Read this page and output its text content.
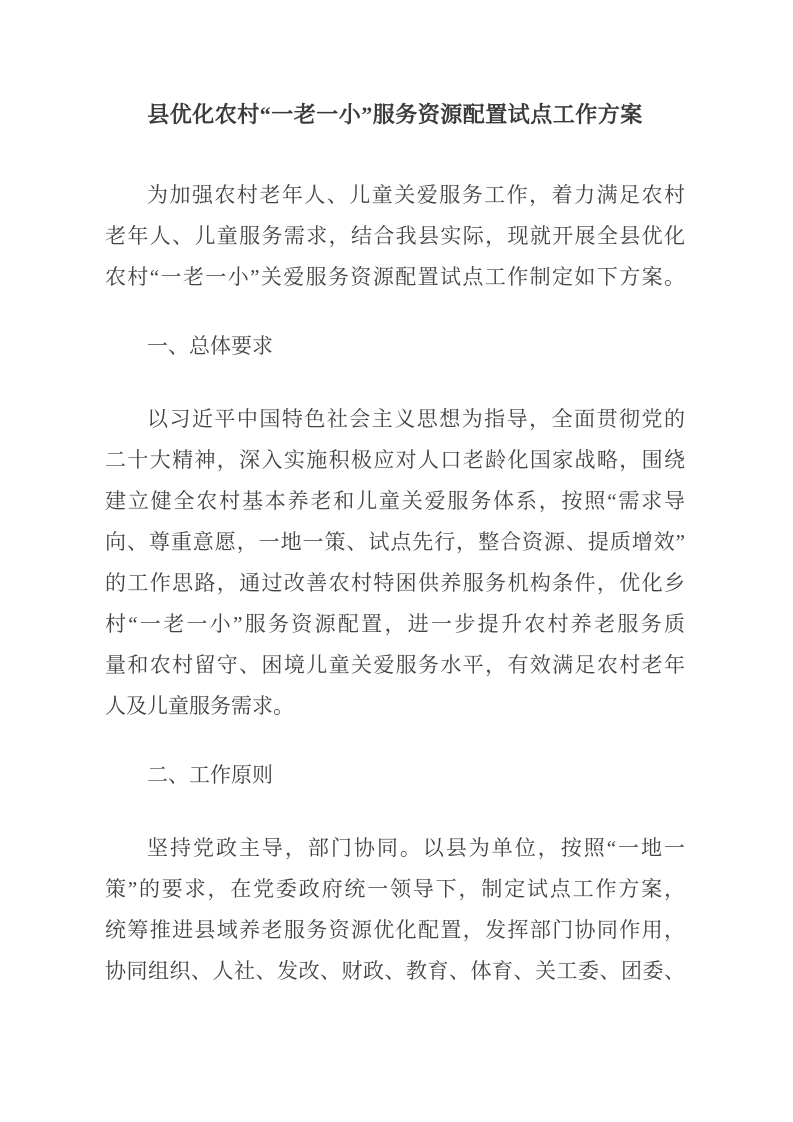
县优化农村“一老一小”服务资源配置试点工作方案
为加强农村老年人、儿童关爱服务工作，着力满足农村
老年人、儿童服务需求，结合我县实际，现就开展全县优化
农村“一老一小”关爱服务资源配置试点工作制定如下方案。
一、总体要求
以习近平中国特色社会主义思想为指导，全面贯彻党的
二十大精神，深入实施积极应对人口老龄化国家战略，围绕
建立健全农村基本养老和儿童关爱服务体系，按照“需求导
向、尊重意愿，一地一策、试点先行，整合资源、提质增效”
的工作思路，通过改善农村特困供养服务机构条件，优化乡
村“一老一小”服务资源配置，进一步提升农村养老服务质
量和农村留守、困境儿童关爱服务水平，有效满足农村老年
人及儿童服务需求。
二、工作原则
坚持党政主导，部门协同。以县为单位，按照“一地一
策”的要求，在党委政府统一领导下，制定试点工作方案，
统筹推进县域养老服务资源优化配置，发挥部门协同作用，
协同组织、人社、发改、财政、教育、体育、关工委、团委、
